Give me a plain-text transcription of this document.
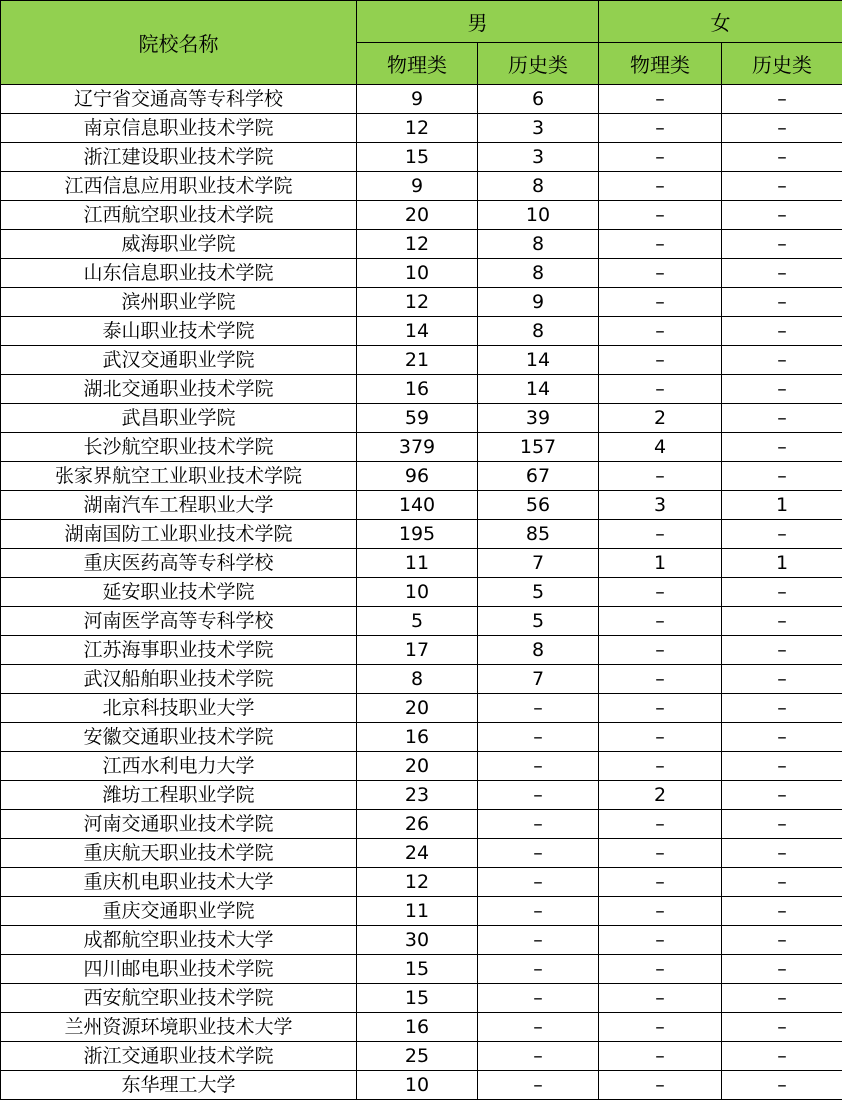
院校名称	男		女	
	物理类	历史类	物理类	历史类
辽宁省交通高等专科学校	9	6	–	–
南京信息职业技术学院	12	3	–	–
浙江建设职业技术学院	15	3	–	–
江西信息应用职业技术学院	9	8	–	–
江西航空职业技术学院	20	10	–	–
威海职业学院	12	8	–	–
山东信息职业技术学院	10	8	–	–
滨州职业学院	12	9	–	–
泰山职业技术学院	14	8	–	–
武汉交通职业学院	21	14	–	–
湖北交通职业技术学院	16	14	–	–
武昌职业学院	59	39	2	–
长沙航空职业技术学院	379	157	4	–
张家界航空工业职业技术学院	96	67	–	–
湖南汽车工程职业大学	140	56	3	1
湖南国防工业职业技术学院	195	85	–	–
重庆医药高等专科学校	11	7	1	1
延安职业技术学院	10	5	–	–
河南医学高等专科学校	5	5	–	–
江苏海事职业技术学院	17	8	–	–
武汉船舶职业技术学院	8	7	–	–
北京科技职业大学	20	–	–	–
安徽交通职业技术学院	16	–	–	–
江西水利电力大学	20	–	–	–
潍坊工程职业学院	23	–	2	–
河南交通职业技术学院	26	–	–	–
重庆航天职业技术学院	24	–	–	–
重庆机电职业技术大学	12	–	–	–
重庆交通职业学院	11	–	–	–
成都航空职业技术大学	30	–	–	–
四川邮电职业技术学院	15	–	–	–
西安航空职业技术学院	15	–	–	–
兰州资源环境职业技术大学	16	–	–	–
浙江交通职业技术学院	25	–	–	–
东华理工大学	10	–	–	–
